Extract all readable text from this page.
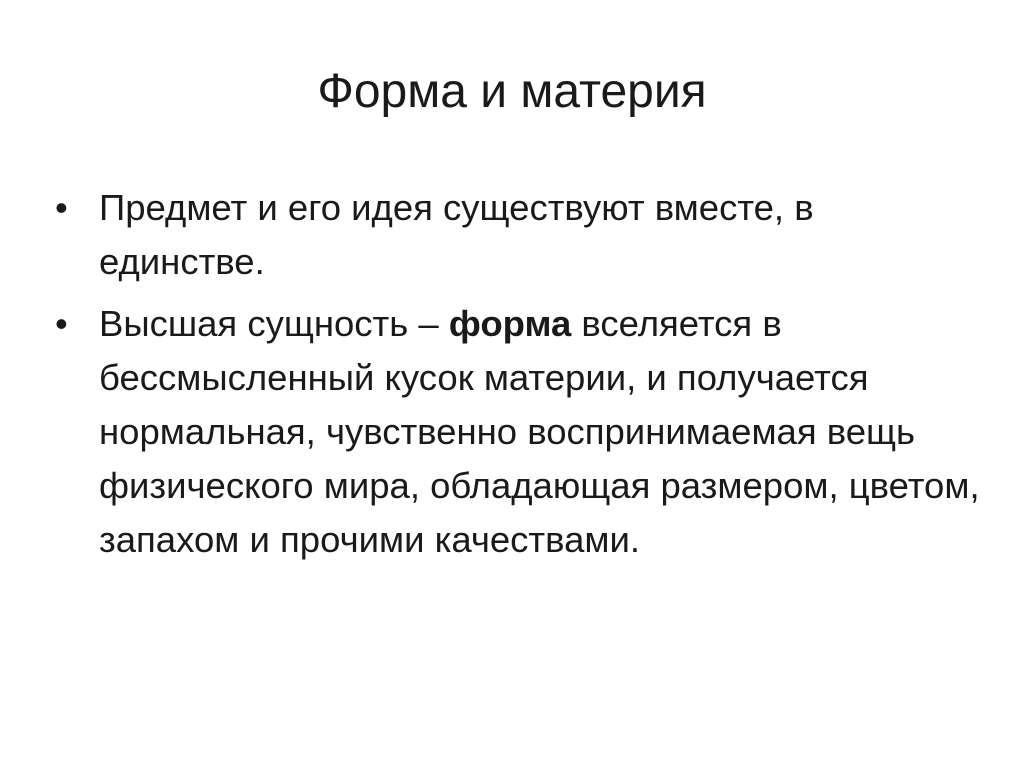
Форма и материя
• Предмет и его идея существуют вместе, в единстве.
• Высшая сущность – форма вселяется в бессмысленный кусок материи, и получается нормальная, чувственно воспринимаемая вещь физического мира, обладающая размером, цветом, запахом и прочими качествами.
